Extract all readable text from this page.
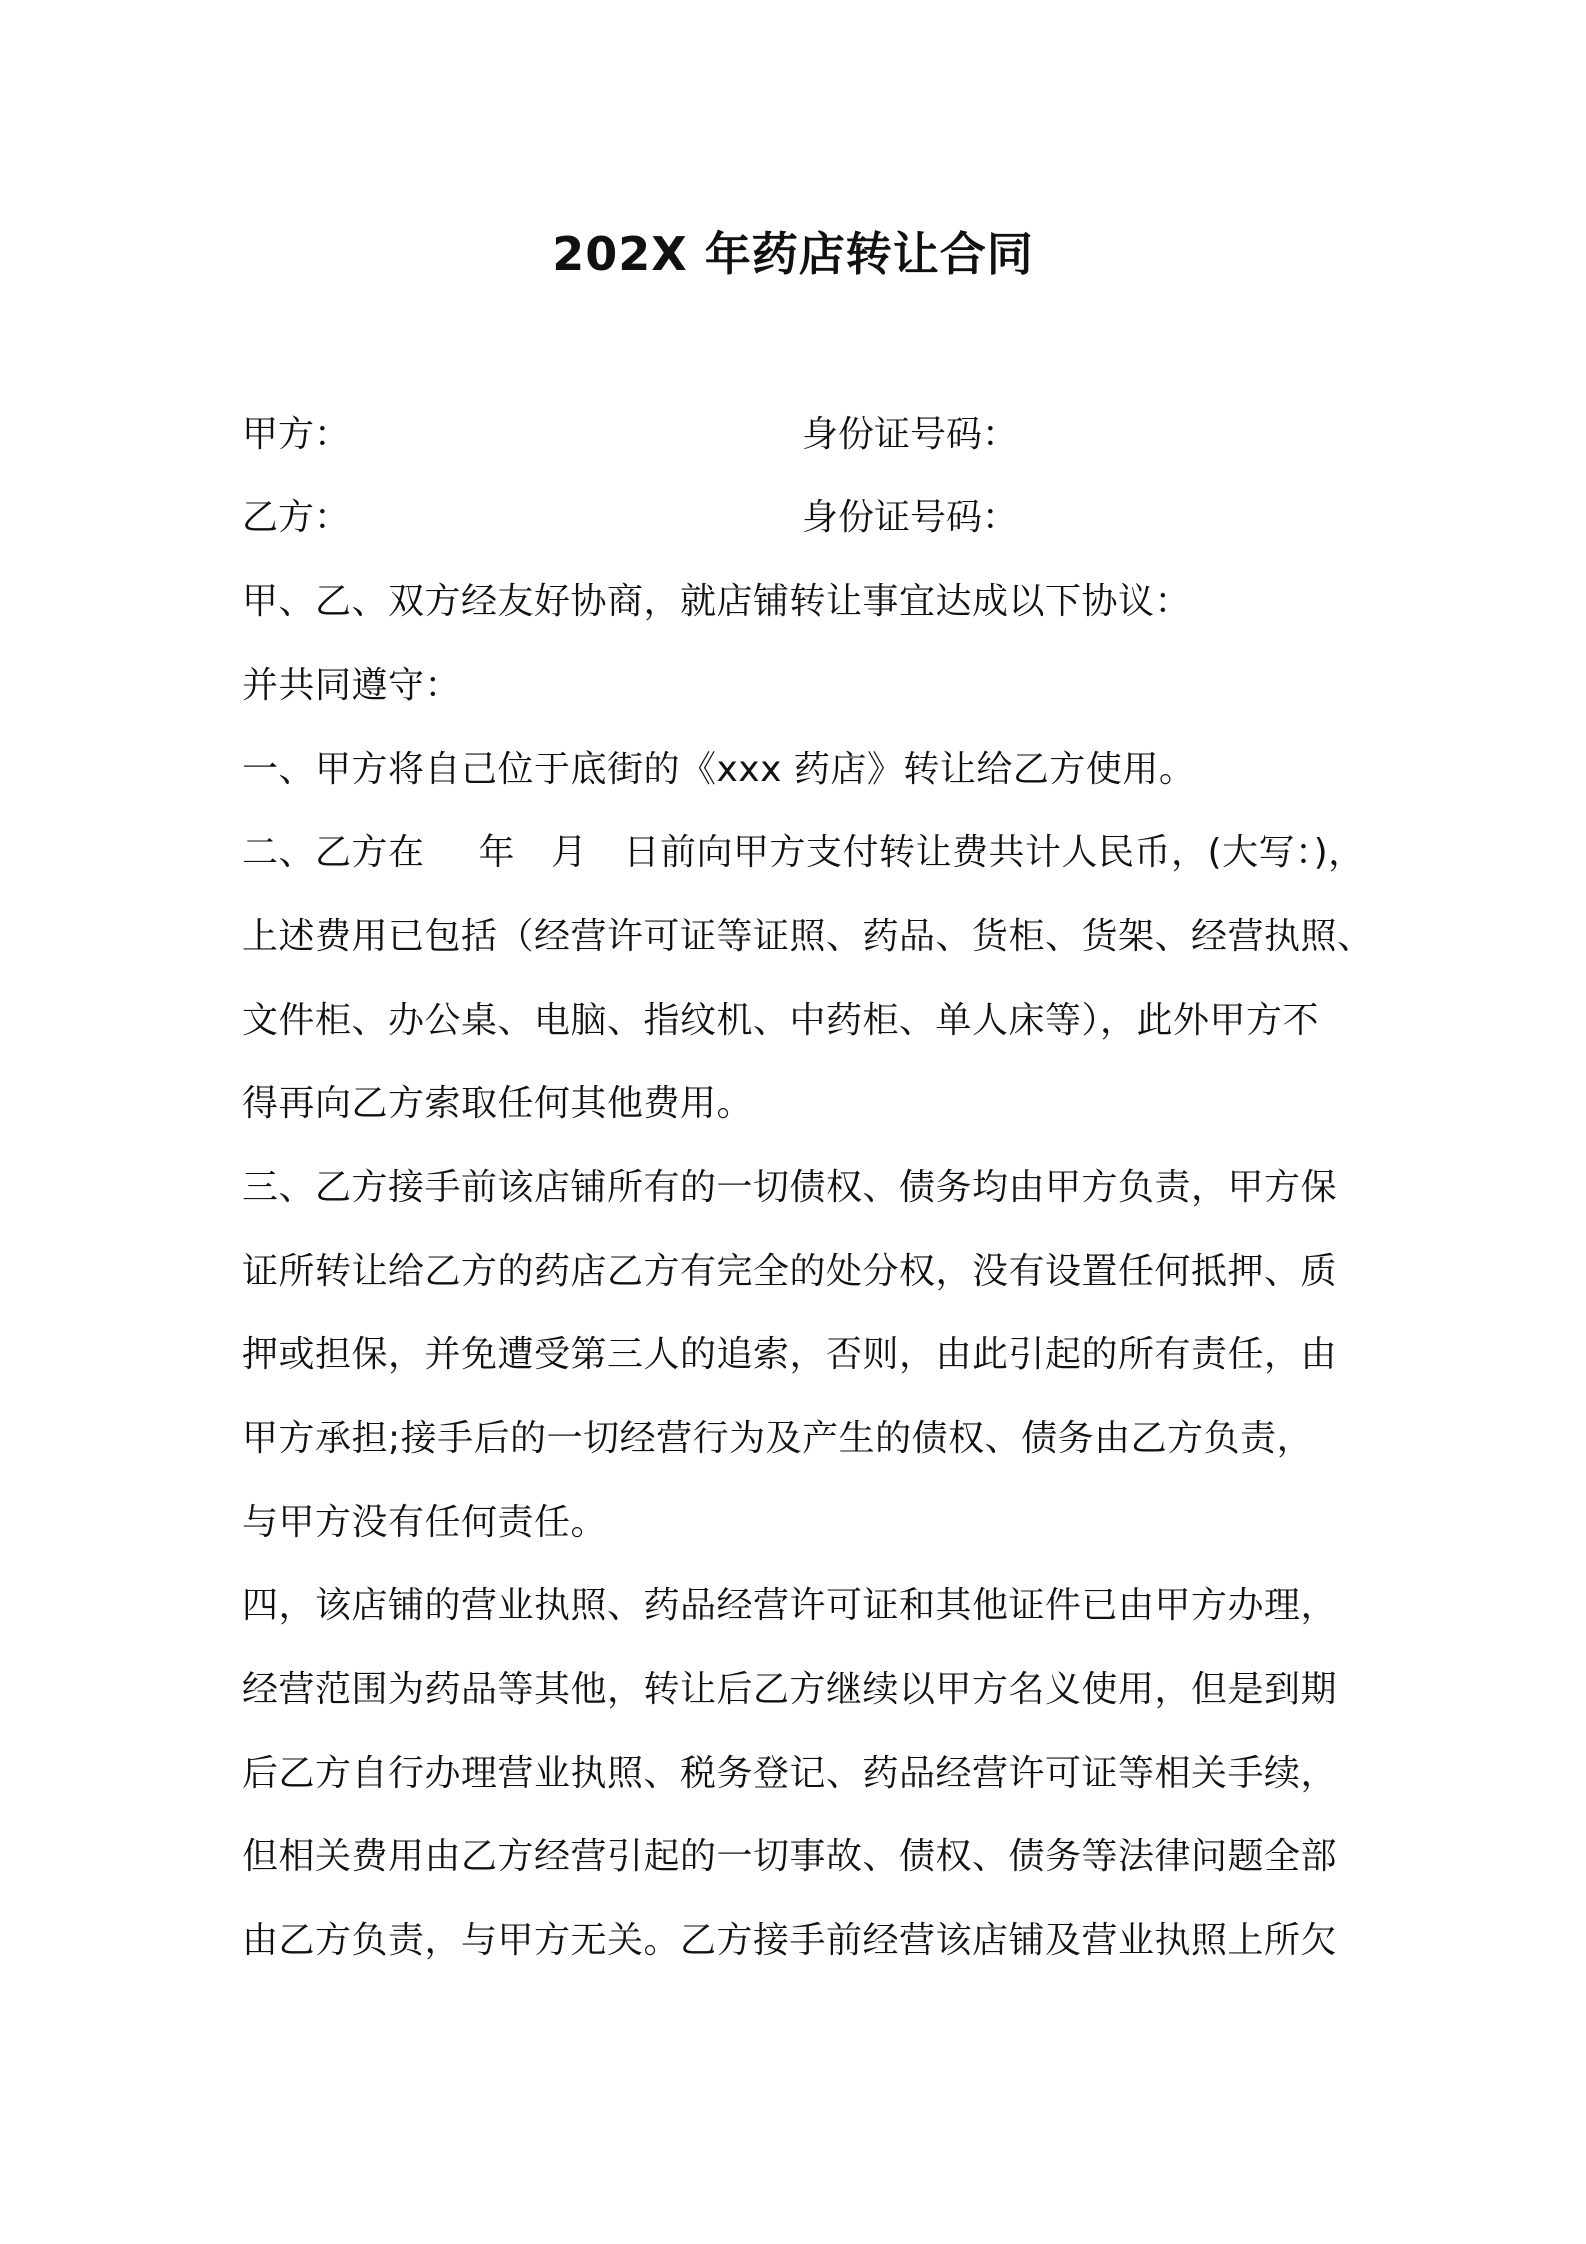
202X 年药店转让合同
甲方：	身份证号码：
乙方：	身份证号码：
甲、乙、双方经友好协商，就店铺转让事宜达成以下协议：
并共同遵守：
一、甲方将自己位于底街的《xxx 药店》转让给乙方使用。
二、乙方在 年 月 日前向甲方支付转让费共计人民币，(大写：)，
上述费用已包括（经营许可证等证照、药品、货柜、货架、经营执照、
文件柜、办公桌、电脑、指纹机、中药柜、单人床等），此外甲方不
得再向乙方索取任何其他费用。
三、乙方接手前该店铺所有的一切债权、债务均由甲方负责，甲方保
证所转让给乙方的药店乙方有完全的处分权，没有设置任何抵押、质
押或担保，并免遭受第三人的追索，否则，由此引起的所有责任，由
甲方承担;接手后的一切经营行为及产生的债权、债务由乙方负责，
与甲方没有任何责任。
四，该店铺的营业执照、药品经营许可证和其他证件已由甲方办理，
经营范围为药品等其他，转让后乙方继续以甲方名义使用，但是到期
后乙方自行办理营业执照、税务登记、药品经营许可证等相关手续，
但相关费用由乙方经营引起的一切事故、债权、债务等法律问题全部
由乙方负责，与甲方无关。乙方接手前经营该店铺及营业执照上所欠
